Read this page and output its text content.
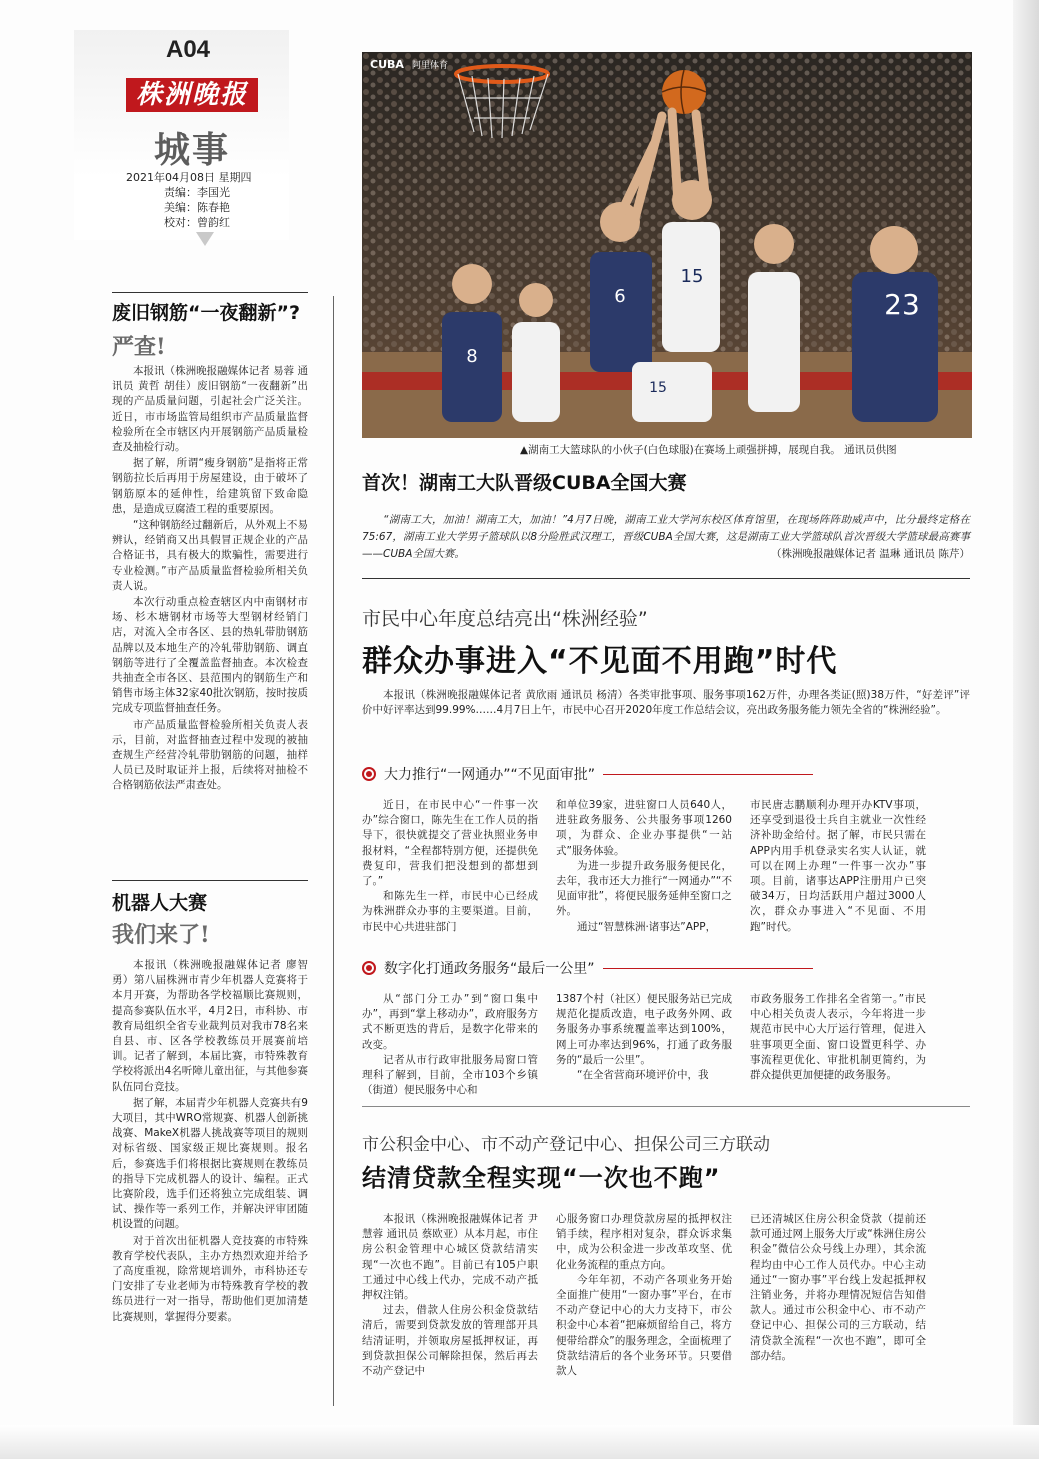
A04
株洲晚报
城事
2021年04月08日 星期四
责编：李国光
美编：陈春艳
校对：曾韵红
废旧钢筋“一夜翻新”?
严查!

本报讯（株洲晚报融媒体记者 易蓉 通讯员 黄哲 胡佳）废旧钢筋“一夜翻新”出现的产品质量问题，引起社会广泛关注。近日，市市场监管局组织市产品质量监督检验所在全市辖区内开展钢筋产品质量检查及抽检行动。

据了解，所谓“瘦身钢筋”是指将正常钢筋拉长后再用于房屋建设，由于破坏了钢筋原本的延伸性，给建筑留下致命隐患，是造成豆腐渣工程的重要原因。

“这种钢筋经过翻新后，从外观上不易辨认，经销商又出具假冒正规企业的产品合格证书，具有极大的欺骗性，需要进行专业检测。”市产品质量监督检验所相关负责人说。

本次行动重点检查辖区内中南钢材市场、杉木塘钢材市场等大型钢材经销门店，对流入全市各区、县的热轧带肋钢筋品牌以及本地生产的冷轧带肋钢筋、调直钢筋等进行了全覆盖监督抽查。本次检查共抽查全市各区、县范围内的钢筋生产和销售市场主体32家40批次钢筋，按时按质完成专项监督抽查任务。

市产品质量监督检验所相关负责人表示，目前，对监督抽查过程中发现的被抽查规生产经营冷轧带肋钢筋的问题，抽样人员已及时取证并上报，后续将对抽检不合格钢筋依法严肃查处。

机器人大赛
我们来了!

本报讯（株洲晚报融媒体记者 廖智勇）第八届株洲市青少年机器人竞赛将于本月开赛，为帮助各学校福顺比赛规则，提高参赛队伍水平，4月2日，市科协、市教育局组织全省专业裁判员对我市78名来自县、市、区各学校教练员开展赛前培训。记者了解到，本届比赛，市特殊教育学校将派出4名听障儿童出征，与其他参赛队伍同台竞技。

据了解，本届青少年机器人竞赛共有9大项目，其中WRO常规赛、机器人创新挑战赛、MakeX机器人挑战赛等项目的规则对标省级、国家级正规比赛规则。报名后，参赛选手们将根据比赛规则在教练员的指导下完成机器人的设计、编程。正式比赛阶段，选手们还将独立完成组装、调试、操作等一系列工作，并解决评审团随机设置的问题。

对于首次出征机器人竞技赛的市特殊教育学校代表队，主办方热烈欢迎并给予了高度重视，除常规培训外，市科协还专门安排了专业老师为市特殊教育学校的教练员进行一对一指导，帮助他们更加清楚比赛规则，掌握得分要素。

6
15
8
23
15
CUBA 阿里体育
▲湖南工大篮球队的小伙子(白色球服)在赛场上顽强拼搏，展现自我。 通讯员供图
首次！湖南工大队晋级CUBA全国大赛
“湖南工大，加油！湖南工大，加油！”4月7日晚，湖南工业大学河东校区体育馆里，在现场阵阵助威声中，比分最终定格在75:67，湖南工业大学男子篮球队以8分险胜武汉理工，晋级CUBA全国大赛，这是湖南工业大学篮球队首次晋级大学篮球最高赛事——CUBA全国大赛。	（株洲晚报融媒体记者 温琳 通讯员 陈芹）
市民中心年度总结亮出“株洲经验”
群众办事进入“不见面不用跑”时代
本报讯（株洲晚报融媒体记者 黄欣雨 通讯员 杨清）各类审批事项、服务事项162万件，办理各类证(照)38万件，“好差评”评价中好评率达到99.99%……4月7日上午，市民中心召开2020年度工作总结会议，亮出政务服务能力领先全省的“株洲经验”。
大力推行“一网通办”“不见面审批”

近日，在市民中心“一件事一次办”综合窗口，陈先生在工作人员的指导下，很快就提交了营业执照业务申报材料，“全程都特别方便，还提供免费复印，营我们把没想到的都想到了。”

和陈先生一样，市民中心已经成为株洲群众办事的主要渠道。目前，市民中心共进驻部门

和单位39家，进驻窗口人员640人，进驻政务服务、公共服务事项1260项，为群众、企业办事提供“一站式”服务体验。

为进一步提升政务服务便民化，去年，我市还大力推行“一网通办”“不见面审批”，将便民服务延伸至窗口之外。

通过“智慧株洲·诸事达”APP，

市民唐志鹏顺利办理开办KTV事项，还享受到退役士兵自主就业一次性经济补助金给付。据了解，市民只需在APP内用手机登录实名实人认证，就可以在网上办理“一件事一次办”事项。目前，诸事达APP注册用户已突破34万，日均活跃用户超过3000人次，群众办事进入“不见面、不用跑”时代。

数字化打通政务服务“最后一公里”

从“部门分工办”到“窗口集中办”，再到“掌上移动办”，政府服务方式不断更迭的背后，是数字化带来的改变。

记者从市行政审批服务局窗口管理科了解到，目前，全市103个乡镇（街道）便民服务中心和

1387个村（社区）便民服务站已完成规范化提质改造，电子政务外网、政务服务办事系统覆盖率达到100%，网上可办率达到96%，打通了政务服务的“最后一公里”。

“在全省营商环境评价中，我

市政务服务工作排名全省第一。”市民中心相关负责人表示，今年将进一步规范市民中心大厅运行管理，促进入驻事项更全面、窗口设置更科学、办事流程更优化、审批机制更简约，为群众提供更加便捷的政务服务。

市公积金中心、市不动产登记中心、担保公司三方联动
结清贷款全程实现“一次也不跑”

本报讯（株洲晚报融媒体记者 尹慧蓉 通讯员 蔡欧亚）从本月起，市住房公积金管理中心城区贷款结清实现“一次也不跑”。目前已有105户职工通过中心线上代办，完成不动产抵押权注销。

过去，借款人住房公积金贷款结清后，需要到贷款发放的管理部开具结清证明，并领取房屋抵押权证，再到贷款担保公司解除担保，然后再去不动产登记中

心服务窗口办理贷款房屋的抵押权注销手续，程序相对复杂，群众诉求集中，成为公积金进一步改革攻坚、优化业务流程的重点方向。

今年年初，不动产各项业务开始全面推广使用“一窗办事”平台，在市不动产登记中心的大力支持下，市公积金中心本着“把麻烦留给自己，将方便带给群众”的服务理念，全面梳理了贷款结清后的各个业务环节。只要借款人

已还清城区住房公积金贷款（提前还款可通过网上服务大厅或“株洲住房公积金”微信公众号线上办理），其余流程均由中心工作人员代办。中心主动通过“一窗办事”平台线上发起抵押权注销业务，并将办理情况短信告知借款人。通过市公积金中心、市不动产登记中心、担保公司的三方联动，结清贷款全流程“一次也不跑”，即可全部办结。
